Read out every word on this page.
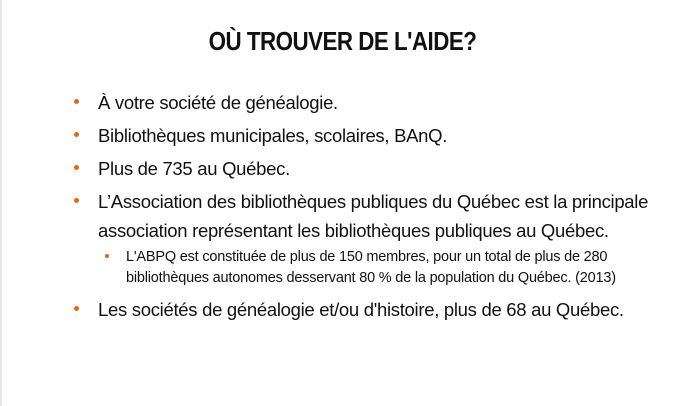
OÙ TROUVER DE L'AIDE?
À votre société de généalogie.
Bibliothèques municipales, scolaires, BAnQ.
Plus de 735 au Québec.
L’Association des bibliothèques publiques du Québec est la principale association représentant les bibliothèques publiques au Québec.
L'ABPQ est constituée de plus de 150 membres, pour un total de plus de 280 bibliothèques autonomes desservant 80 % de la population du Québec. (2013)
Les sociétés de généalogie et/ou d'histoire, plus de 68 au Québec.
